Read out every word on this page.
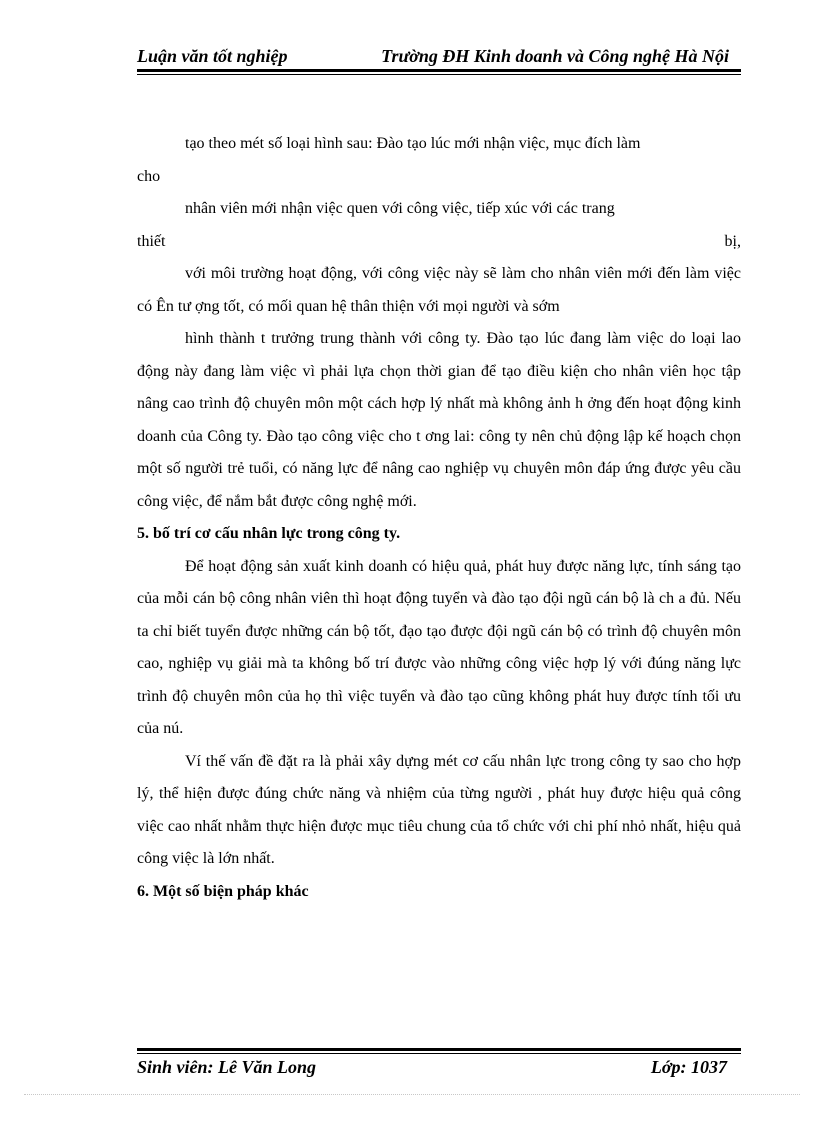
Luận văn tốt nghiệp	Trường ĐH Kinh doanh và Công nghệ Hà Nội

tạo theo mét số loại hình sau: Đào tạo lúc mới nhận việc, mục đích làm

cho

nhân viên mới nhận việc quen với công việc, tiếp xúc với các trang

thiết	bị,

với môi trường hoạt động, với công việc này sẽ làm cho nhân viên mới đến làm việc có Ên tư ợng tốt, có mối quan hệ thân thiện với mọi người và sớm

hình thành t trưởng trung thành với công ty. Đào tạo lúc đang làm việc do loại lao động này đang làm việc vì phải lựa chọn thời gian để tạo điều kiện cho nhân viên học tập nâng cao trình độ chuyên môn một cách hợp lý nhất mà không ảnh h ởng đến hoạt động kinh doanh của Công ty. Đào tạo công việc cho t ơng lai: công ty nên chủ động lập kế hoạch chọn một số người trẻ tuổi, có năng lực để nâng cao nghiệp vụ chuyên môn đáp ứng được yêu cầu công việc, để nắm bắt được công nghệ mới.

5. bố trí cơ cấu nhân lực trong công ty.

Để hoạt động sản xuất kinh doanh có hiệu quả, phát huy được năng lực, tính sáng tạo của mỗi cán bộ công nhân viên thì hoạt động tuyển và đào tạo đội ngũ cán bộ là ch a đủ. Nếu ta chỉ biết tuyển được những cán bộ tốt, đạo tạo được đội ngũ cán bộ có trình độ chuyên môn cao, nghiệp vụ giải mà ta không bố trí được vào những công việc hợp lý với đúng năng lực trình độ chuyên môn của họ thì việc tuyển và đào tạo cũng không phát huy được tính tối ưu của nú.

Ví thế vấn đề đặt ra là phải xây dựng mét cơ cấu nhân lực trong công ty sao cho hợp lý, thể hiện được đúng chức năng và nhiệm của từng người , phát huy được hiệu quả công việc cao nhất nhằm thực hiện được mục tiêu chung của tổ chức với chi phí nhỏ nhất, hiệu quả công việc là lớn nhất.

6. Một số biện pháp khác

Sinh viên: Lê Văn Long	Lớp: 1037
